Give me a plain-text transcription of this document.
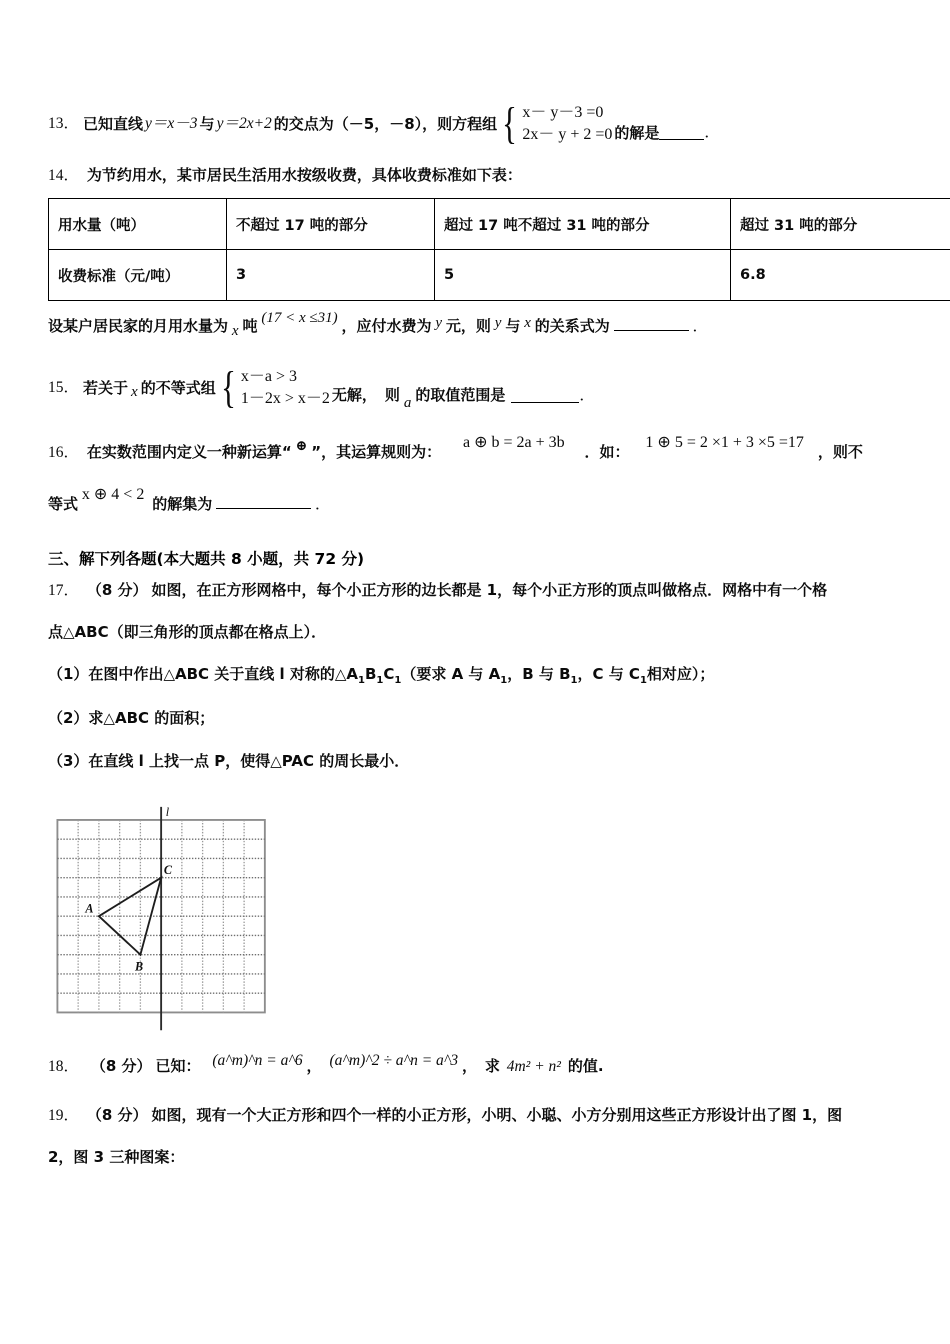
13． 已知直线 y＝x－3 与 y＝2x+2 的交点为（－5，－8），则方程组 { x－ y－3 =0
2x－ y + 2 =0 的解是	．
14． 为节约用水，某市居民生活用水按级收费，具体收费标准如下表：
用水量（吨）	不超过 17 吨的部分	超过 17 吨不超过 31 吨的部分	超过 31 吨的部分
收费标准（元/吨）	3	5	6.8
设某户居民家的月用水量为 x 吨 (17 < x ≤31) ，应付水费为 y 元，则 y 与 x 的关系式为	．
15． 若关于 x 的不等式组 { x－a > 3
1－2x > x－2 无解， 则 a 的取值范围是	．
16． 在实数范围内定义一种新运算“ ⊕ ”，其运算规则为： a ⊕ b = 2a + 3b ．如： 1 ⊕ 5 = 2 ×1 + 3 ×5 =17 ，则不
等式 x ⊕ 4 < 2 的解集为	．
三、解下列各题(本大题共 8 小题，共 72 分)
17． （8 分） 如图，在正方形网格中，每个小正方形的边长都是 1，每个小正方形的顶点叫做格点．网格中有一个格
点△ABC（即三角形的顶点都在格点上）．
（1）在图中作出△ABC 关于直线 l 对称的$\triangle A_1B_1C_1$（要求 A 与 $A_1$，B 与 $B_1$，C 与 $C_1$相对应）；
（2）求△ABC 的面积；
（3）在直线 l 上找一点 P，使得△PAC 的周长最小．
l
A
B
C
18． （8 分） 已知： (a^m)^n = a^6 ， (a^m)^2 ÷ a^n = a^3 ， 求 4m² + n² 的值.
19． （8 分） 如图，现有一个大正方形和四个一样的小正方形，小明、小聪、小方分别用这些正方形设计出了图 1，图
2，图 3 三种图案：
